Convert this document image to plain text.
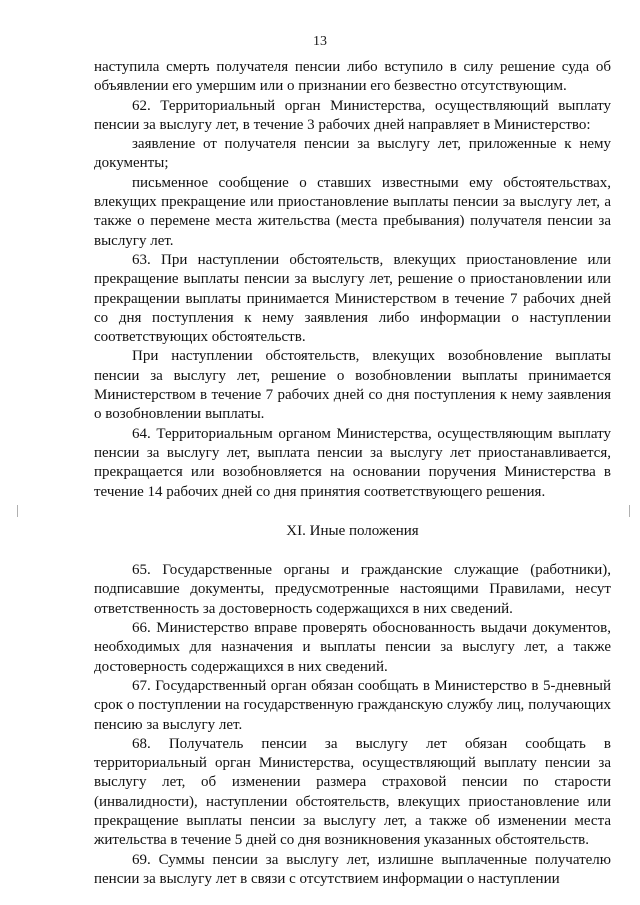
13

наступила смерть получателя пенсии либо вступило в силу решение суда об объявлении его умершим или о признании его безвестно отсутствующим.

62. Территориальный орган Министерства, осуществляющий выплату пенсии за выслугу лет, в течение 3 рабочих дней направляет в Министерство:

заявление от получателя пенсии за выслугу лет, приложенные к нему документы;

письменное сообщение о ставших известными ему обстоятельствах, влекущих прекращение или приостановление выплаты пенсии за выслугу лет, а также о перемене места жительства (места пребывания) получателя пенсии за выслугу лет.

63. При наступлении обстоятельств, влекущих приостановление или прекращение выплаты пенсии за выслугу лет, решение о приостановлении или прекращении выплаты принимается Министерством в течение 7 рабочих дней со дня поступления к нему заявления либо информации о наступлении соответствующих обстоятельств.

При наступлении обстоятельств, влекущих возобновление выплаты пенсии за выслугу лет, решение о возобновлении выплаты принимается Министерством в течение 7 рабочих дней со дня поступления к нему заявления о возобновлении выплаты.

64. Территориальным органом Министерства, осуществляющим выплату пенсии за выслугу лет, выплата пенсии за выслугу лет приостанавливается, прекращается или возобновляется на основании поручения Министерства в течение 14 рабочих дней со дня принятия соответствующего решения.

XI. Иные положения

65. Государственные органы и гражданские служащие (работники), подписавшие документы, предусмотренные настоящими Правилами, несут ответственность за достоверность содержащихся в них сведений.

66. Министерство вправе проверять обоснованность выдачи документов, необходимых для назначения и выплаты пенсии за выслугу лет, а также достоверность содержащихся в них сведений.

67. Государственный орган обязан сообщать в Министерство в 5-дневный срок о поступлении на государственную гражданскую службу лиц, получающих пенсию за выслугу лет.

68. Получатель пенсии за выслугу лет обязан сообщать в территориальный орган Министерства, осуществляющий выплату пенсии за выслугу лет, об изменении размера страховой пенсии по старости (инвалидности), наступлении обстоятельств, влекущих приостановление или прекращение выплаты пенсии за выслугу лет, а также об изменении места жительства в течение 5 дней со дня возникновения указанных обстоятельств.

69. Суммы пенсии за выслугу лет, излишне выплаченные получателю пенсии за выслугу лет в связи с отсутствием информации о наступлении
